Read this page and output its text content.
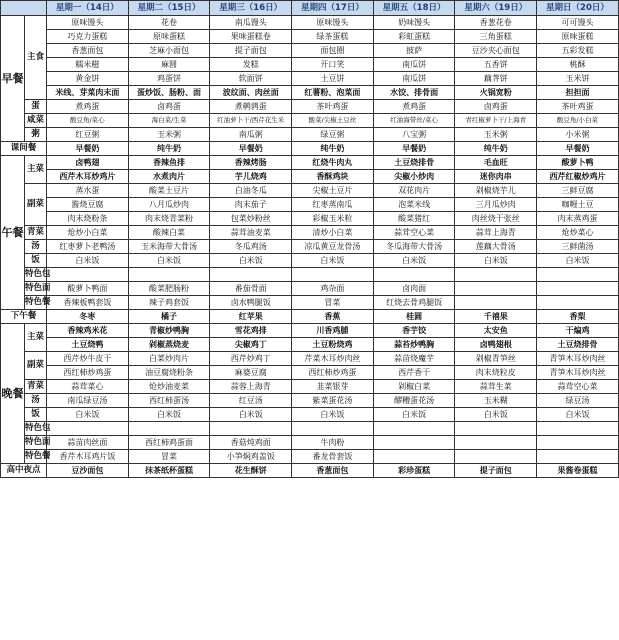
		星期一（14日）	星期二（15日）	星期三（16日）	星期四（17日）	星期五（18日）	星期六（19日）	星期日（20日）
早餐	主食	原味馒头	花卷	南瓜馒头	原味馒头	奶味馒头	香葱花卷	可可馒头
		巧克力蛋糕	原味蛋糕	果味蛋糕卷	绿茶蛋糕	彩虹蛋糕	三角蛋糕	原味蛋糕
		香葱面包	芝麻小面包	提子面包	面包圈	披萨	豆沙夹心面包	五彩发糕
		糯米糍	麻圆	发糕	开口笑	南瓜饼	五香饼	桃酥
		黄金饼	鸡蛋饼	软面饼	土豆饼	南瓜饼	藕荠饼	玉米饼
		米线、芽菜肉末面	蛋炒饭、肠粉、面	波纹面、肉丝面	红薯粉、泡菜面	水饺、排骨面	火锅宽粉	担担面
	蛋	煮鸡蛋	卤鸡蛋	煮鹌鹑蛋	茶叶鸡蛋	煮鸡蛋	卤鸡蛋	茶叶鸡蛋
	咸菜	酸豆角/菜心	海白菜/生菜	红油萝卜干/西芹花生米	酸菜/尖椒土豆丝	红油海带丝/菜心	青红椒萝卜干/上海青	酸豆角/小白菜
	粥	红豆粥	玉米粥	南瓜粥	绿豆粥	八宝粥	玉米粥	小米粥
课间餐		早餐奶	纯牛奶	早餐奶	纯牛奶	早餐奶	纯牛奶	早餐奶
午餐	主菜	卤鸭翅	香辣鱼排	香辣烤肠	红烧牛肉丸	土豆烧排骨	毛血旺	酸萝卜鸭
		西芹木耳炒鸡片	水煮肉片	芋儿烧鸡	香酥鸡块	尖椒小炒肉	迷你肉串	西芹红椒炒鸡片
	副菜	蒸水蛋	酸菜土豆片	白油冬瓜	尖椒土豆片	双花肉片	剁椒烧芋儿	三鲜豆腐
		酱烧豆腐	八月瓜炒肉	肉末茄子	红枣蒸南瓜	泡菜米线	三月瓜炒肉	咖喱土豆
		肉末烧粉条	肉末烧青菜粉	包菜炒粉丝	彩椒玉米粒	酸菜猪红	肉丝烧干张丝	肉末蒸鸡蛋
	青菜	炝炒小白菜	酸辣白菜	蒜茸油麦菜	清炒小白菜	蒜茸空心菜	蒜茸上海青	炝炒菜心
	汤	红枣萝卜老鸭汤	玉米海带大骨汤	冬瓜鸡汤	凉瓜黄豆龙骨汤	冬瓜海带大骨汤	莲藕大骨汤	三鲜菌汤
	饭	白米饭	白米饭	白米饭	白米饭	白米饭	白米饭	白米饭
	特色包							
	特色面	酸萝卜鸭面	酸菜肥肠粉	番茄骨面	鸡杂面	卤肉面		
	特色餐	香辣板鸭套饭	辣子鸡套饭	卤水鸭腿饭	冒菜	红烧去骨鸡腿饭		
下午餐		冬枣	橘子	红苹果	香蕉	桂圆	千禧果	香梨
晚餐	主菜	香辣鸡米花	青椒炒鸭胸	雪花鸡排	川香鸡脯	香芋饺	太安鱼	干煸鸡
		土豆烧鸭	剁椒蒸烧麦	尖椒鸡丁	土豆粉烧鸡	蒜苔炒鸭胸	卤鸭翅根	土豆烧排骨
	副菜	西芹炒牛皮干	白菜炒肉片	西芹炒鸡丁	芹菜木耳炒肉丝	蒜苗烧魔芋	剁椒青笋丝	青笋木耳炒肉丝
		西红柿炒鸡蛋	油豆腐烧粉条	麻婆豆腐	西红柿炒鸡蛋	西芹香干	肉末烧粒皮	青笋木耳炒肉丝
	青菜	蒜茸菜心	炝炒油麦菜	蒜蓉上海青	韭菜银芽	剁椒白菜	蒜茸生菜	蒜茸空心菜
	汤	南瓜绿豆汤	西红柿蛋汤	红豆汤	紫菜蛋花汤	醪糟蛋花汤	玉米糊	绿豆汤
	饭	白米饭	白米饭	白米饭	白米饭	白米饭	白米饭	白米饭
	特色包							
	特色面	蒜苗肉丝面	西红柿鸡蛋面	香菇炖鸡面	牛肉粉			
	特色餐	香芹木耳鸡片饭	冒菜	小笋焖鸡盖饭	番龙骨套饭			
高中夜点		豆沙面包	抹茶纸杯蛋糕	花生酥饼	香葱面包	彩珍蛋糕	提子面包	果酱卷蛋糕
